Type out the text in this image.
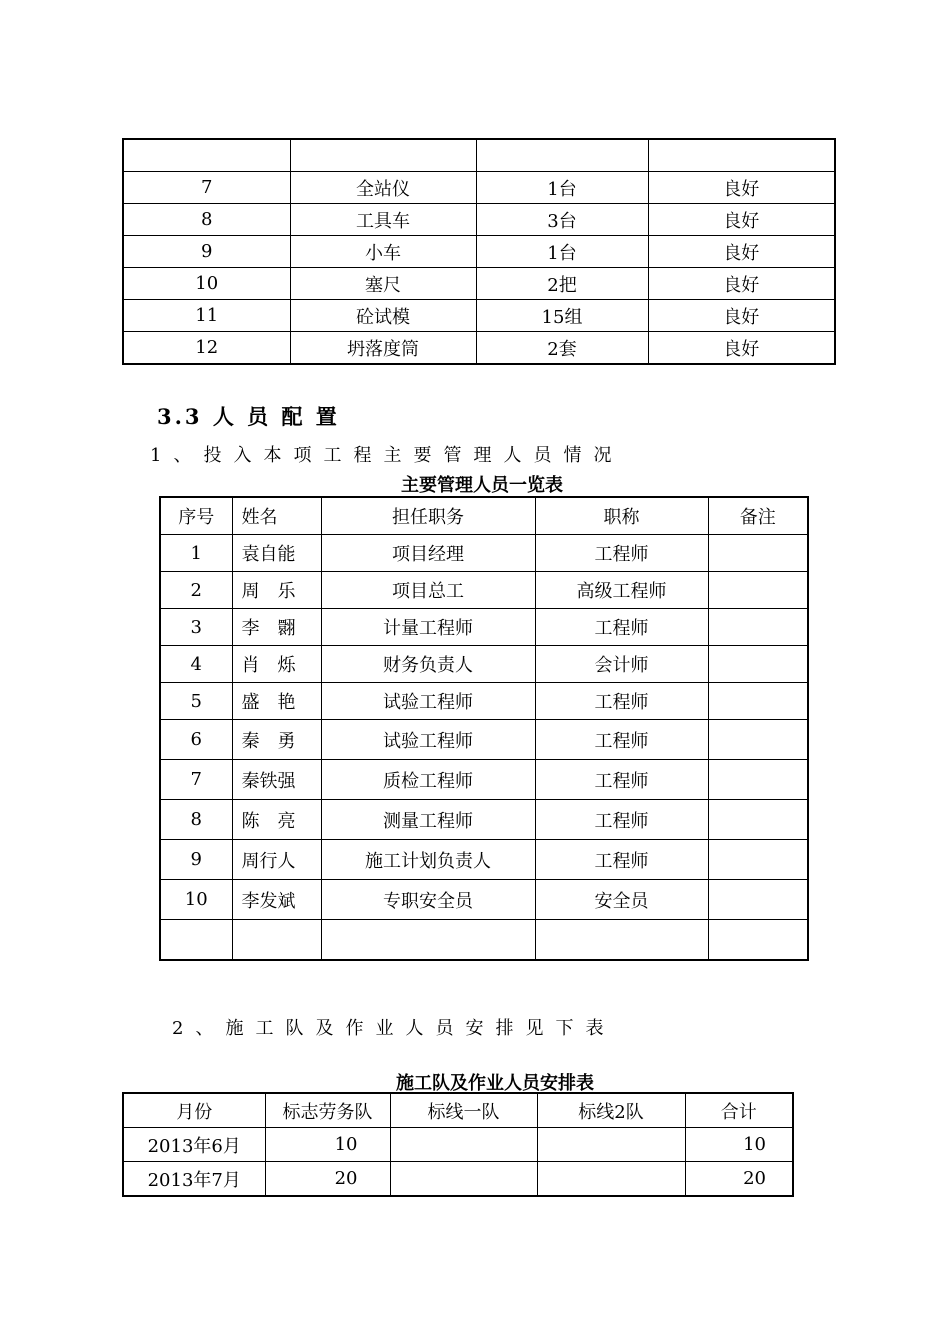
7	全站仪	1台	良好
8	工具车	3台	良好
9	小车	1台	良好
10	塞尺	2把	良好
11	砼试模	15组	良好
12	坍落度筒	2套	良好
3.3 人 员 配 置
1、投入本项工程主要管理人员情况
主要管理人员一览表
序号	姓名	担任职务	职称	备注
1	袁自能	项目经理	工程师	
2	周　乐	项目总工	高级工程师	
3	李　翾	计量工程师	工程师	
4	肖　烁	财务负责人	会计师	
5	盛　艳	试验工程师	工程师	
6	秦　勇	试验工程师	工程师	
7	秦铁强	质检工程师	工程师	
8	陈　亮	测量工程师	工程师	
9	周行人	施工计划负责人	工程师	
10	李发斌	专职安全员	安全员	

2、施工队及作业人员安排见下表
施工队及作业人员安排表
月份	标志劳务队	标线一队	标线2队	合计
2013年6月	10			10
2013年7月	20			20
